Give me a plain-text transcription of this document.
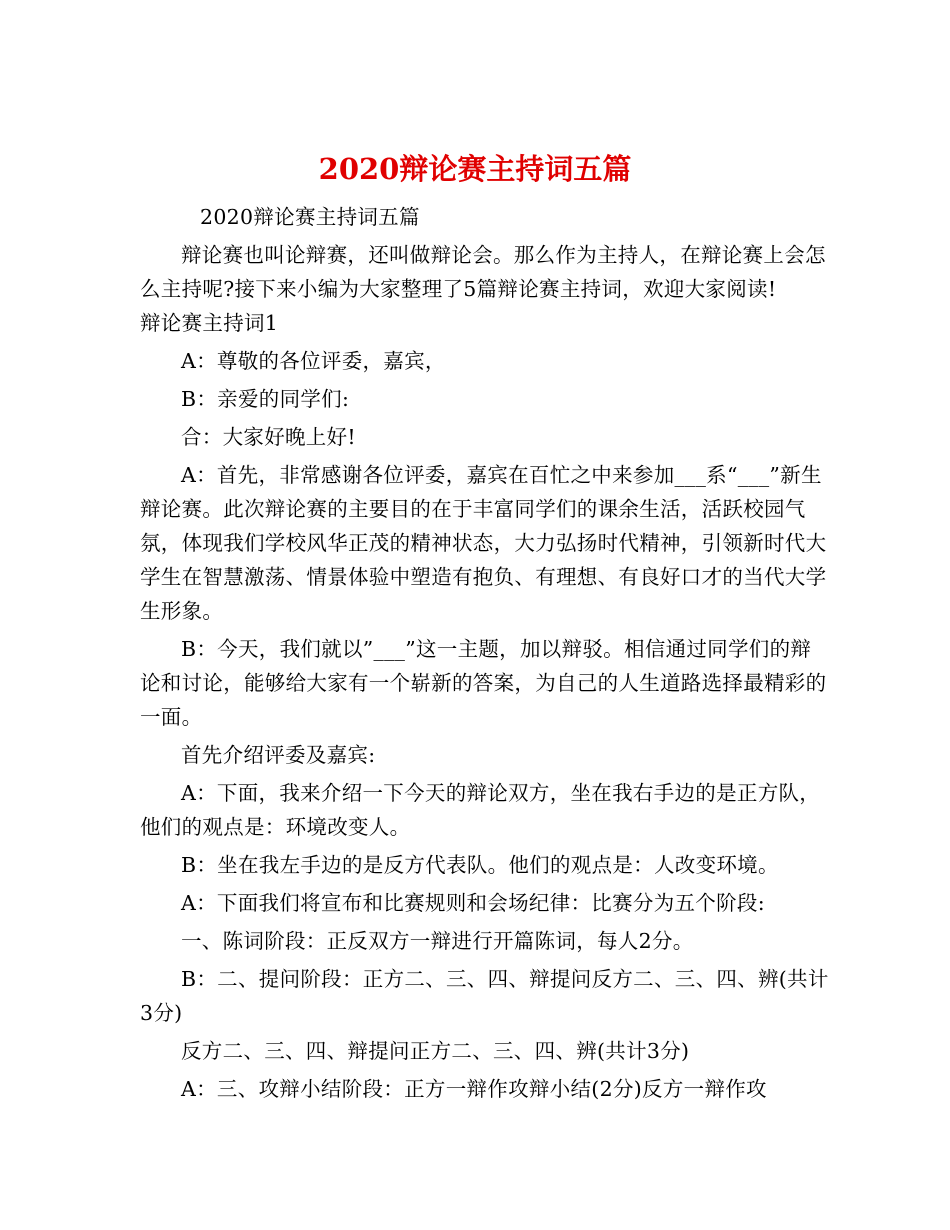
2020辩论赛主持词五篇

2020辩论赛主持词五篇

辩论赛也叫论辩赛，还叫做辩论会。那么作为主持人，在辩论赛上会怎么主持呢?接下来小编为大家整理了5篇辩论赛主持词，欢迎大家阅读!　　辩论赛主持词1

A：尊敬的各位评委，嘉宾，

B：亲爱的同学们:

合：大家好晚上好!

A：首先，非常感谢各位评委，嘉宾在百忙之中来参加___系“___”新生辩论赛。此次辩论赛的主要目的在于丰富同学们的课余生活，活跃校园气氛，体现我们学校风华正茂的精神状态，大力弘扬时代精神，引领新时代大学生在智慧激荡、情景体验中塑造有抱负、有理想、有良好口才的当代大学生形象。

B：今天，我们就以”___”这一主题，加以辩驳。相信通过同学们的辩论和讨论，能够给大家有一个崭新的答案，为自己的人生道路选择最精彩的一面。

首先介绍评委及嘉宾:

A：下面，我来介绍一下今天的辩论双方，坐在我右手边的是正方队，他们的观点是：环境改变人。

B：坐在我左手边的是反方代表队。他们的观点是：人改变环境。

A：下面我们将宣布和比赛规则和会场纪律：比赛分为五个阶段:

一、陈词阶段：正反双方一辩进行开篇陈词，每人2分。

B：二、提问阶段：正方二、三、四、辩提问反方二、三、四、辨(共计3分)

反方二、三、四、辩提问正方二、三、四、辨(共计3分)

A：三、攻辩小结阶段：正方一辩作攻辩小结(2分)反方一辩作攻
